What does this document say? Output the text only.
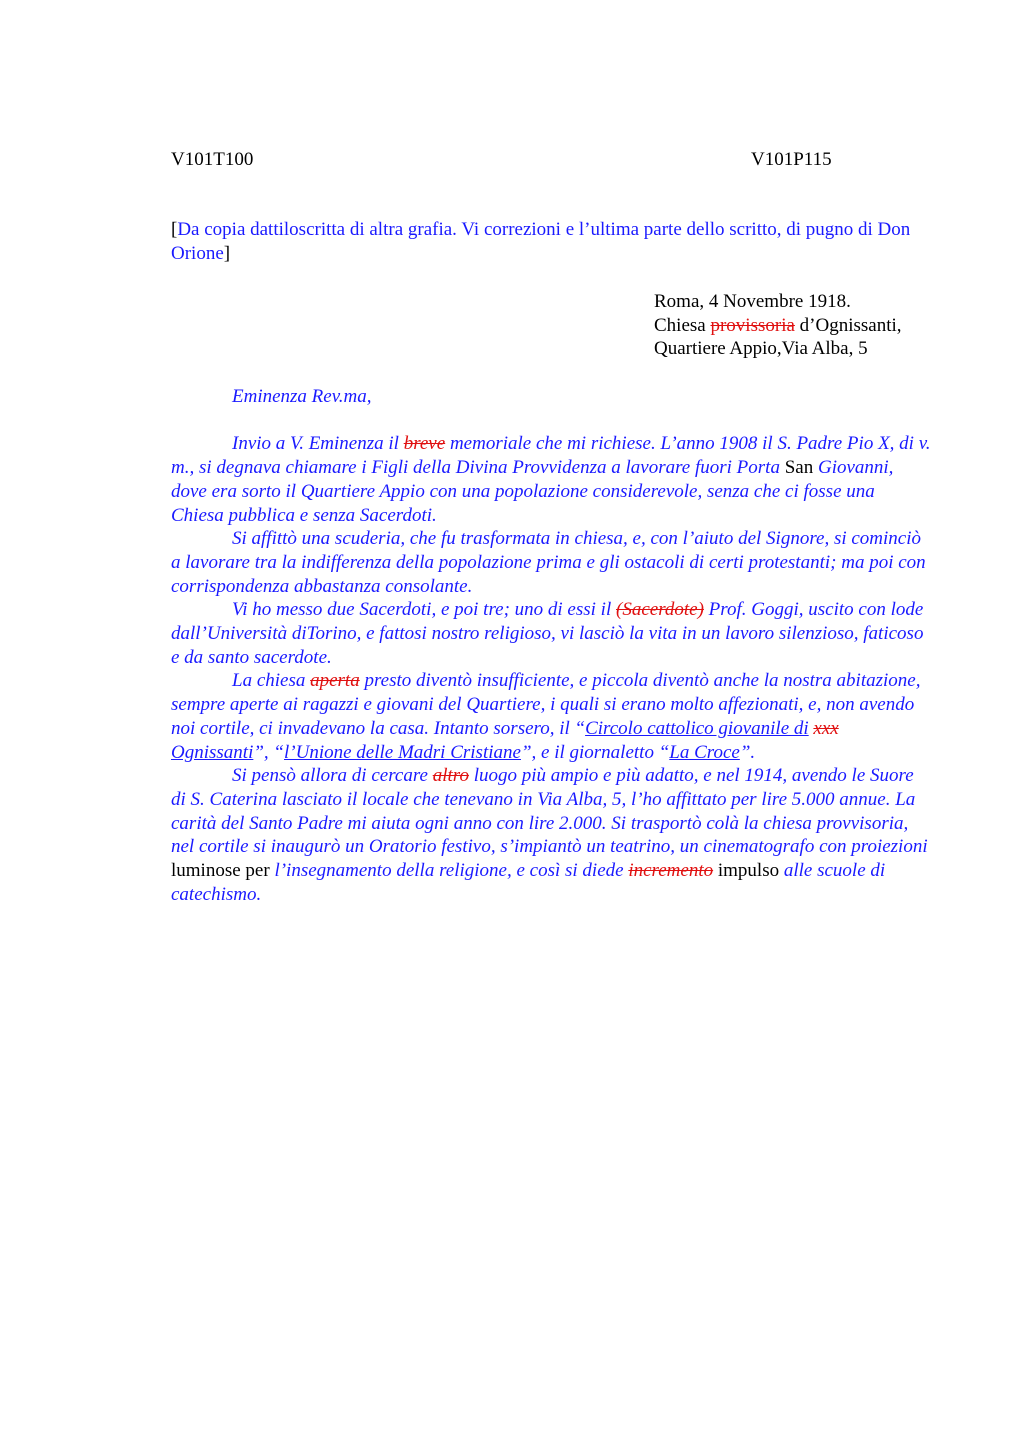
V101T100	V101P115
[Da copia dattiloscritta di altra grafia. Vi correzioni e l’ultima parte dello scritto, di pugno di Don Orione]
Roma, 4 Novembre 1918.
Chiesa provissoria d’Ognissanti,
Quartiere Appio,Via Alba, 5

Eminenza Rev.ma,

Invio a V. Eminenza il breve memoriale che mi richiese. L’anno 1908 il S. Padre Pio X, di v. m., si degnava chiamare i Figli della Divina Provvidenza a lavorare fuori Porta San Giovanni, dove era sorto il Quartiere Appio con una popolazione considerevole, senza che ci fosse una Chiesa pubblica e senza Sacerdoti.

Si affittò una scuderia, che fu trasformata in chiesa, e, con l’aiuto del Signore, si cominciò a lavorare tra la indifferenza della popolazione prima e gli ostacoli di certi protestanti; ma poi con corrispondenza abbastanza consolante.

Vi ho messo due Sacerdoti, e poi tre; uno di essi il (Sacerdote) Prof. Goggi, uscito con lode dall’Università diTorino, e fattosi nostro religioso, vi lasciò la vita in un lavoro silenzioso, faticoso e da santo sacerdote.

La chiesa aperta presto diventò insufficiente, e piccola diventò anche la nostra abitazione, sempre aperte ai ragazzi e giovani del Quartiere, i quali si erano molto affezionati, e, non avendo noi cortile, ci invadevano la casa. Intanto sorsero, il “Circolo cattolico giovanile di xxx Ognissanti”, “l’Unione delle Madri Cristiane”, e il giornaletto “La Croce”.

Si pensò allora di cercare altro luogo più ampio e più adatto, e nel 1914, avendo le Suore di S. Caterina lasciato il locale che tenevano in Via Alba, 5, l’ho affittato per lire 5.000 annue. La carità del Santo Padre mi aiuta ogni anno con lire 2.000. Si trasportò colà la chiesa provvisoria, nel cortile si inaugurò un Oratorio festivo, s’impiantò un teatrino, un cinematografo con proiezioni luminose per l’insegnamento della religione, e così si diede incremento impulso alle scuole di catechismo.
